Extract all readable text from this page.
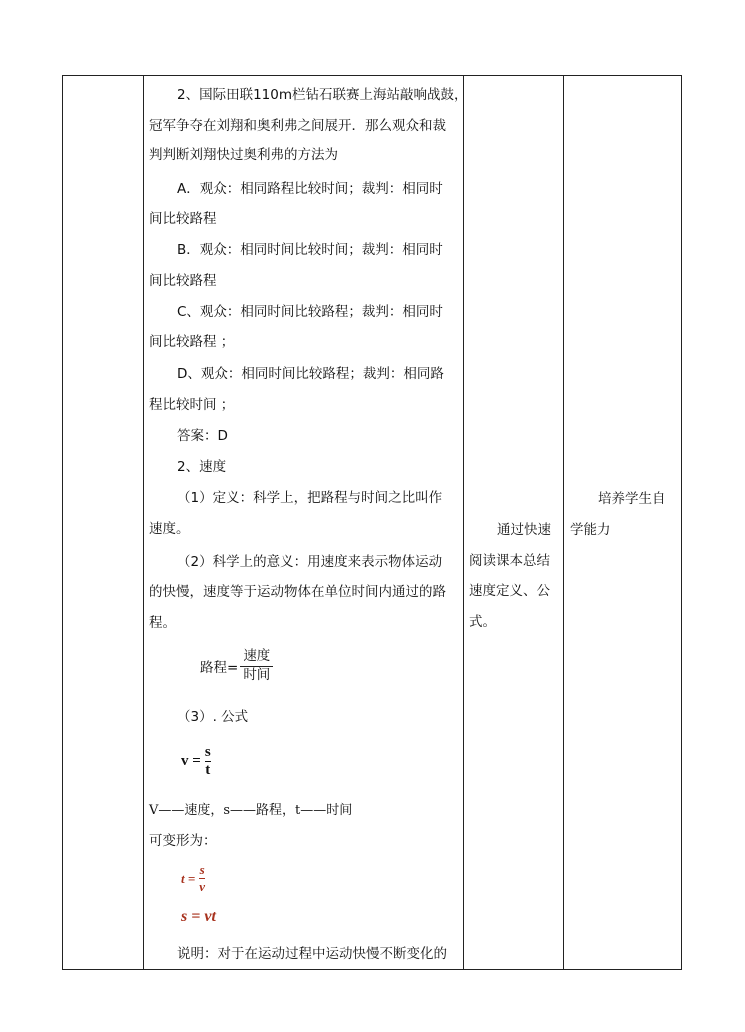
2、国际田联110m栏钻石联赛上海站敲响战鼓，
冠军争夺在刘翔和奥利弗之间展开．那么观众和裁
判判断刘翔快过奥利弗的方法为
A．观众：相同路程比较时间；裁判：相同时
间比较路程
B．观众：相同时间比较时间；裁判：相同时
间比较路程
C、观众：相同时间比较路程；裁判：相同时
间比较路程 ；
D、观众：相同时间比较路程；裁判：相同路
程比较时间 ；
答案：D
2、速度
（1）定义：科学上，把路程与时间之比叫作
速度。
（2）科学上的意义：用速度来表示物体运动
的快慢，速度等于运动物体在单位时间内通过的路
程。
路程= $\frac{\text{速度}}{\text{时间}}$
（3）. 公式
v =
s
t
V——速度，s——路程，t——时间
可变形为：
t =
s
v
s = vt
说明：对于在运动过程中运动快慢不断变化的
通过快速
阅读课本总结
速度定义、公
式。
培养学生自
学能力
